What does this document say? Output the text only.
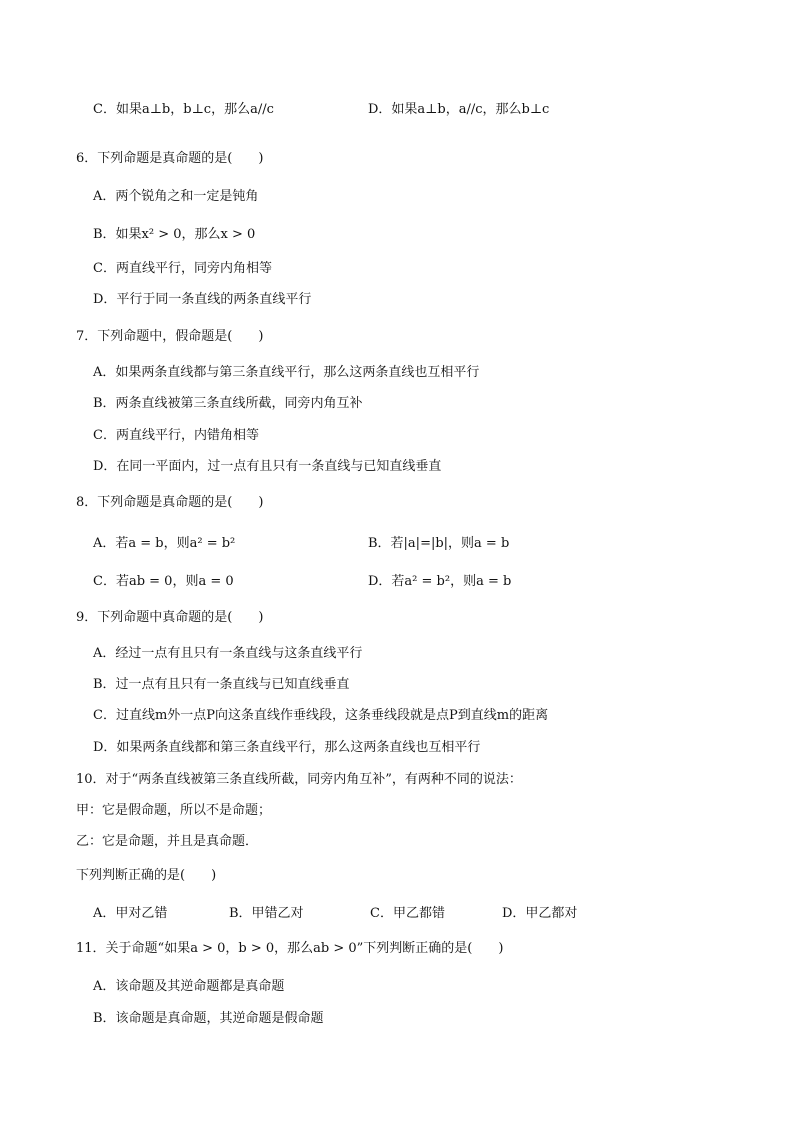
C．如果a⊥b，b⊥c，那么a//c	D．如果a⊥b，a//c，那么b⊥c
6．下列命题是真命题的是(　　)
A．两个锐角之和一定是钝角
B．如果x² > 0，那么x > 0
C．两直线平行，同旁内角相等
D．平行于同一条直线的两条直线平行
7．下列命题中，假命题是(　　)
A．如果两条直线都与第三条直线平行，那么这两条直线也互相平行
B．两条直线被第三条直线所截，同旁内角互补
C．两直线平行，内错角相等
D．在同一平面内，过一点有且只有一条直线与已知直线垂直
8．下列命题是真命题的是(　　)
A．若a = b，则a² = b²	B．若|a|=|b|，则a = b
C．若ab = 0，则a = 0	D．若a² = b²，则a = b
9．下列命题中真命题的是(　　)
A．经过一点有且只有一条直线与这条直线平行
B．过一点有且只有一条直线与已知直线垂直
C．过直线m外一点P向这条直线作垂线段，这条垂线段就是点P到直线m的距离
D．如果两条直线都和第三条直线平行，那么这两条直线也互相平行
10．对于“两条直线被第三条直线所截，同旁内角互补”，有两种不同的说法：
甲：它是假命题，所以不是命题；
乙：它是命题，并且是真命题．
下列判断正确的是(　　)
A．甲对乙错	B．甲错乙对	C．甲乙都错	D．甲乙都对
11．关于命题“如果a > 0，b > 0，那么ab > 0”下列判断正确的是(　　)
A．该命题及其逆命题都是真命题
B．该命题是真命题，其逆命题是假命题
